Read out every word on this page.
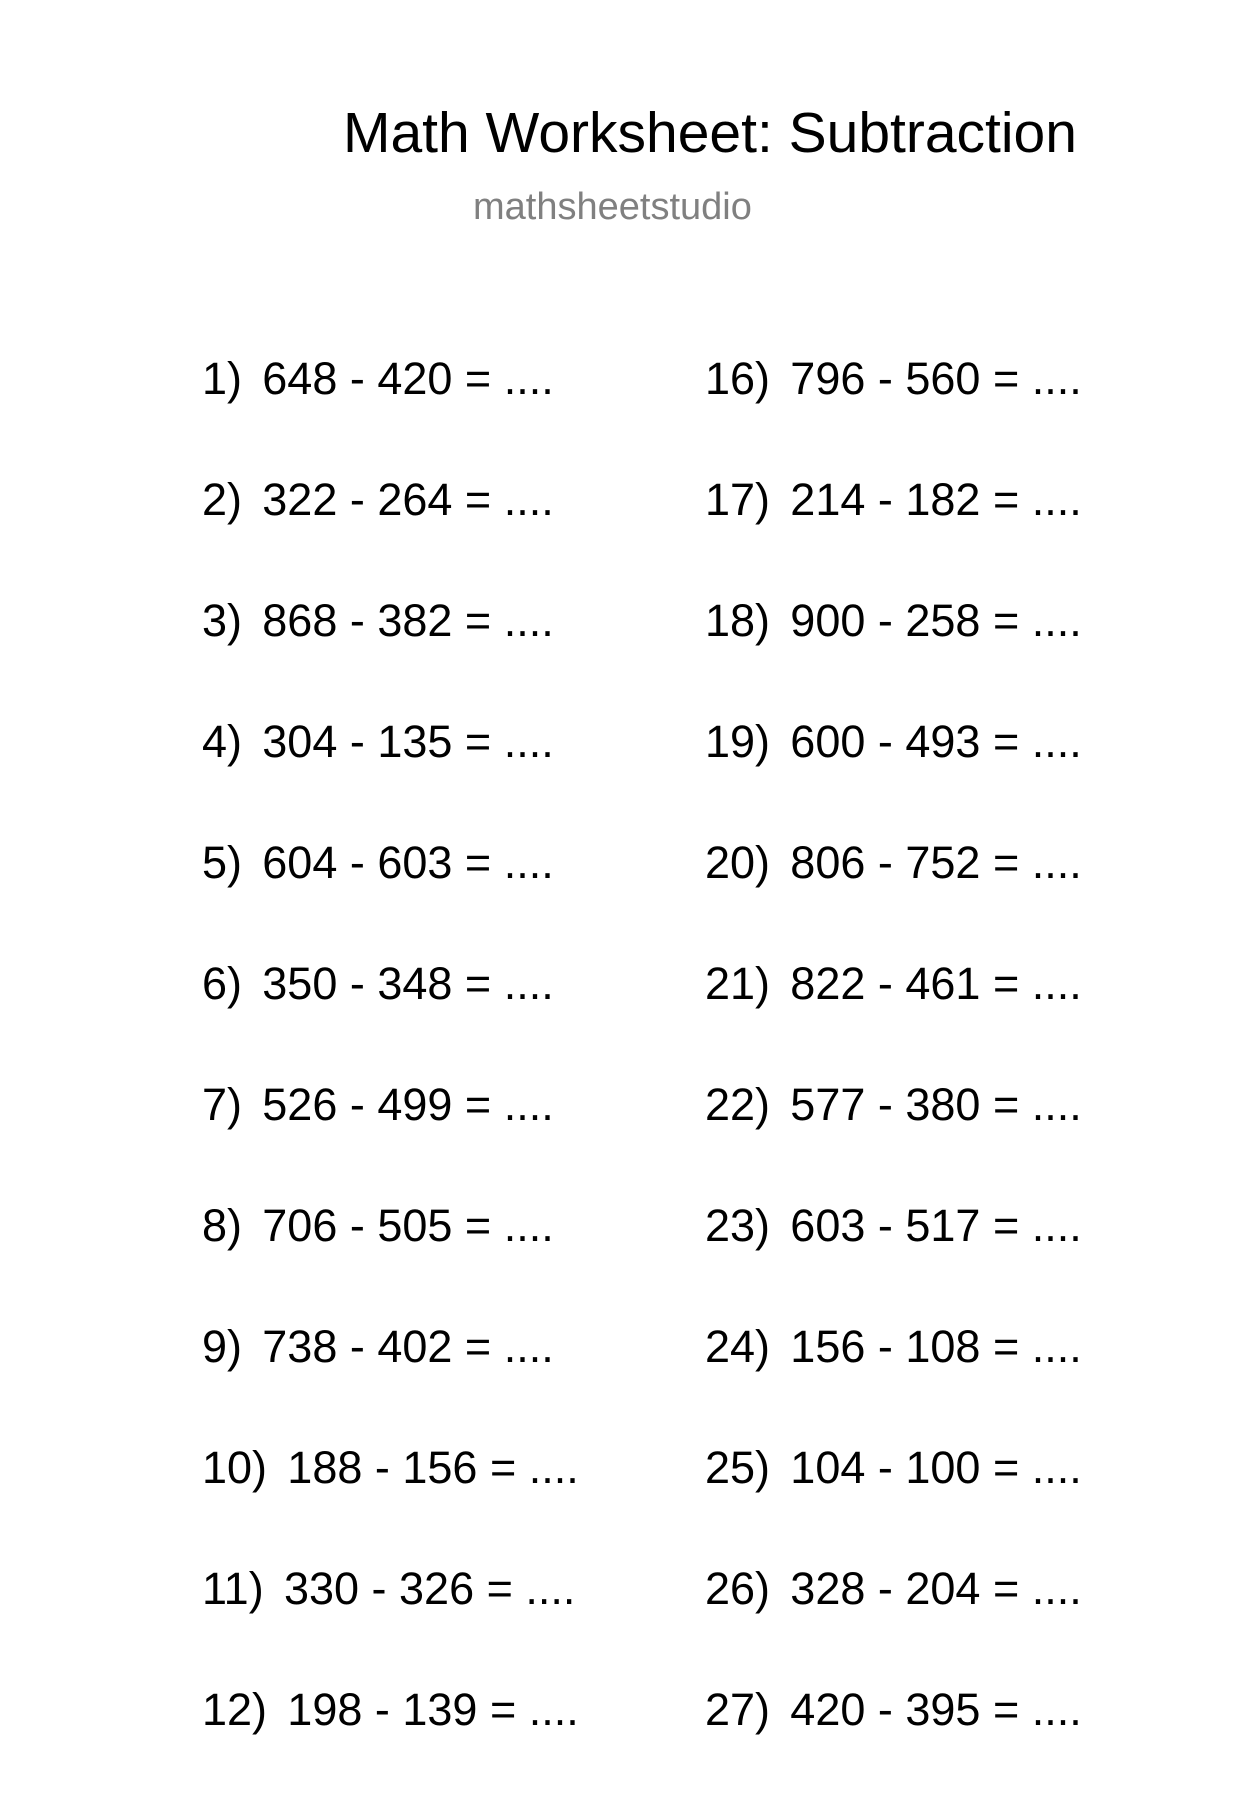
Math Worksheet: Subtraction
mathsheetstudio
1) 648 - 420 = ....
2) 322 - 264 = ....
3) 868 - 382 = ....
4) 304 - 135 = ....
5) 604 - 603 = ....
6) 350 - 348 = ....
7) 526 - 499 = ....
8) 706 - 505 = ....
9) 738 - 402 = ....
10) 188 - 156 = ....
11) 330 - 326 = ....
12) 198 - 139 = ....
16) 796 - 560 = ....
17) 214 - 182 = ....
18) 900 - 258 = ....
19) 600 - 493 = ....
20) 806 - 752 = ....
21) 822 - 461 = ....
22) 577 - 380 = ....
23) 603 - 517 = ....
24) 156 - 108 = ....
25) 104 - 100 = ....
26) 328 - 204 = ....
27) 420 - 395 = ....
